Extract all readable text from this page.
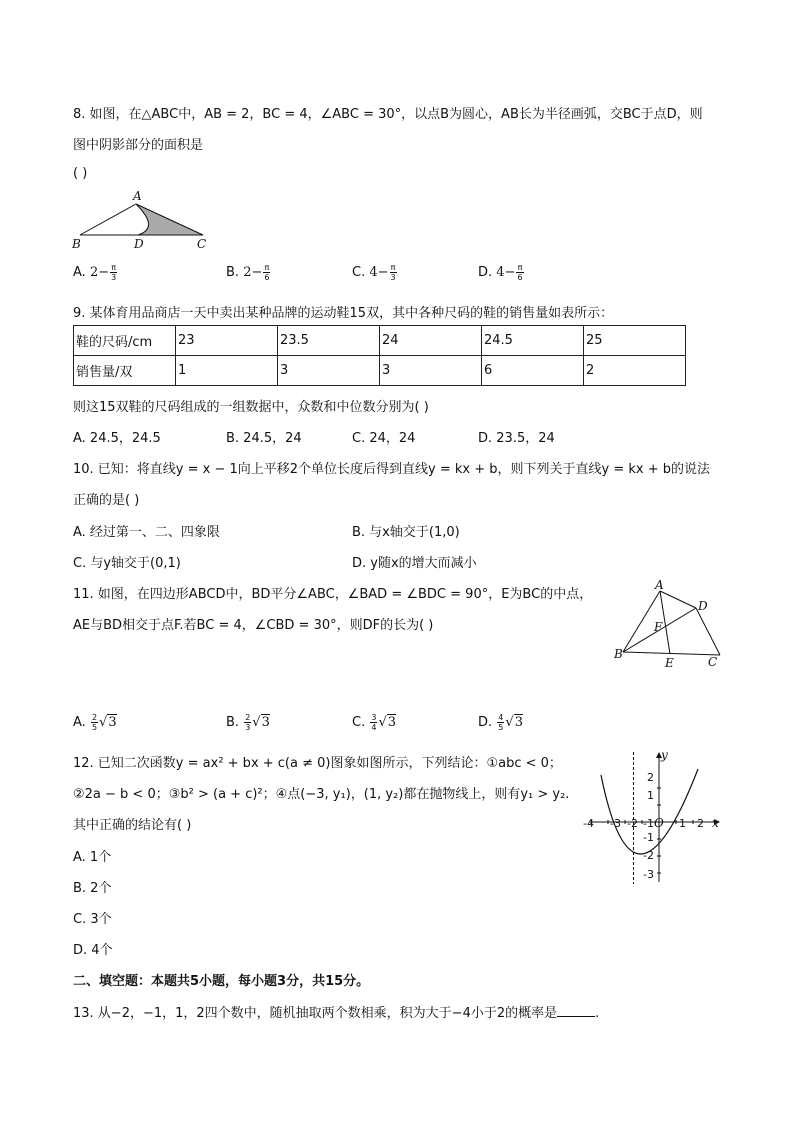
8. 如图，在△ABC中，AB = 2，BC = 4，∠ABC = 30°，以点B为圆心，AB长为半径画弧，交BC于点D，则
图中阴影部分的面积是
( )
A
B	D	C
A. $2- \frac{\pi}{3}$	B. $2- \frac{\pi}{6}$	C. $4- \frac{\pi}{3}$	D. $4- \frac{\pi}{6}$
9. 某体育用品商店一天中卖出某种品牌的运动鞋15双，其中各种尺码的鞋的销售量如表所示：
鞋的尺码/cm	23	23.5	24	24.5	25
销售量/双	1	3	3	6	2
则这15双鞋的尺码组成的一组数据中，众数和中位数分别为( )
A. 24.5，24.5	B. 24.5，24	C. 24，24	D. 23.5，24
10. 已知：将直线y = x − 1向上平移2个单位长度后得到直线y = kx + b，则下列关于直线y = kx + b的说法
正确的是( )
A. 经过第一、二、四象限	B. 与x轴交于(1,0)
C. 与y轴交于(0,1)	D. y随x的增大而减小
11. 如图，在四边形ABCD中，BD平分∠ABC，∠BAD = ∠BDC = 90°，E为BC的中点，
AE与BD相交于点F.若BC = 4，∠CBD = 30°，则DF的长为( )
A
D
F
B
E	C
A. $\frac{2}{5} √3$	B. $\frac{2}{3} √3$	C. $\frac{3}{4} √3$	D. $\frac{4}{5} √3$
12. 已知二次函数y = ax² + bx + c(a ≠ 0)图象如图所示，下列结论：①abc < 0；
②2a − b < 0；③b² > (a + c)²；④点(−3, y₁)，(1, y₂)都在抛物线上，则有y₁ > y₂.
其中正确的结论有( )
A. 1个
B. 2个
C. 3个
D. 4个
-4 -3 -2 -1 O 1 2 x
y
2
1
-1
-2
-3
二、填空题：本题共5小题，每小题3分，共15分。
13. 从−2，−1，1，2四个数中，随机抽取两个数相乘，积为大于−4小于2的概率是	.
